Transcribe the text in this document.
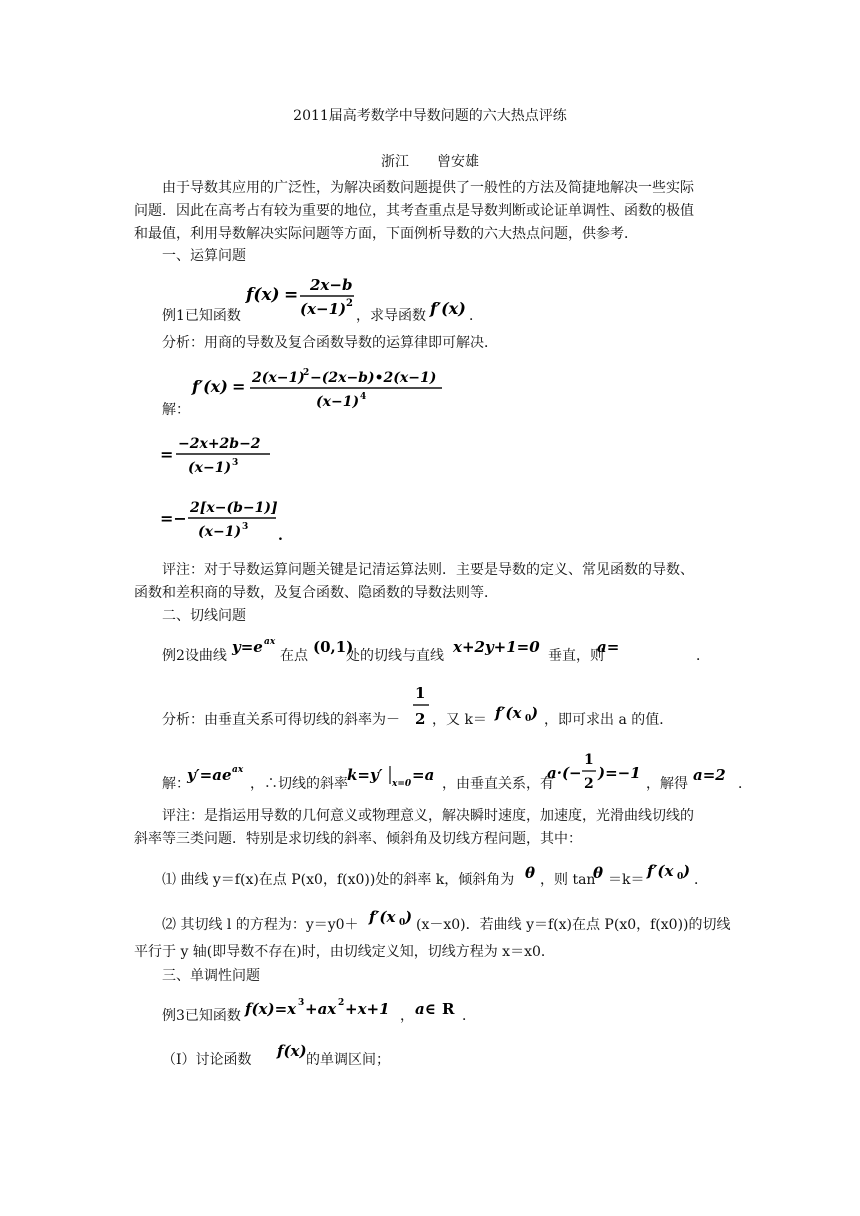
2011届高考数学中导数问题的六大热点评练
浙江　　曾安雄
由于导数其应用的广泛性，为解决函数问题提供了一般性的方法及简捷地解决一些实际
问题．因此在高考占有较为重要的地位，其考查重点是导数判断或论证单调性、函数的极值
和最值，利用导数解决实际问题等方面，下面例析导数的六大热点问题，供参考．
一、运算问题
例1已知函数
f(x) = 2x−b
(x−1) 2
，求导函数 f′(x) ．
分析：用商的导数及复合函数导数的运算律即可解决．
解：
f′(x) = 2(x−1)
2 −(2x−b)•2(x−1)
(x−1) 4
=
−2x+2b−2
(x−1) 3
=−
2[x−(b−1)]
(x−1) 3
.
评注：对于导数运算问题关键是记清运算法则．主要是导数的定义、常见函数的导数、
函数和差积商的导数，及复合函数、隐函数的导数法则等．
二、切线问题
例2设曲线 y=e ax
在点 (0,1)
处的切线与直线 x+2y+1=0 垂直，则
a=	．
分析：由垂直关系可得切线的斜率为－
1
2 ，又 k＝ f′(x 0 ) ，即可求出 a 的值．
解：
y′=ae ax
，∴切线的斜率 k=y′ x=0 =a ，由垂直关系，有
a·(−
1
2
)=−1
，解得 a=2 ．
评注：是指运用导数的几何意义或物理意义，解决瞬时速度，加速度，光滑曲线切线的
斜率等三类问题．特别是求切线的斜率、倾斜角及切线方程问题，其中：
⑴ 曲线 y＝f(x)在点 P(x0，f(x0))处的斜率 k，倾斜角为 θ ，则 tan
θ ＝k＝ f′(x 0 ) ．
⑵ 其切线 l 的方程为：y＝y0＋ f′(x 0 ) (x－x0)．若曲线 y＝f(x)在点 P(x0，f(x0))的切线
平行于 y 轴(即导数不存在)时，由切线定义知，切线方程为 x＝x0．
三、单调性问题
例3已知函数 f(x)=x 3 +ax 2 +x+1 ， a∈ R ．
（Ⅰ）讨论函数 f(x) 的单调区间；
